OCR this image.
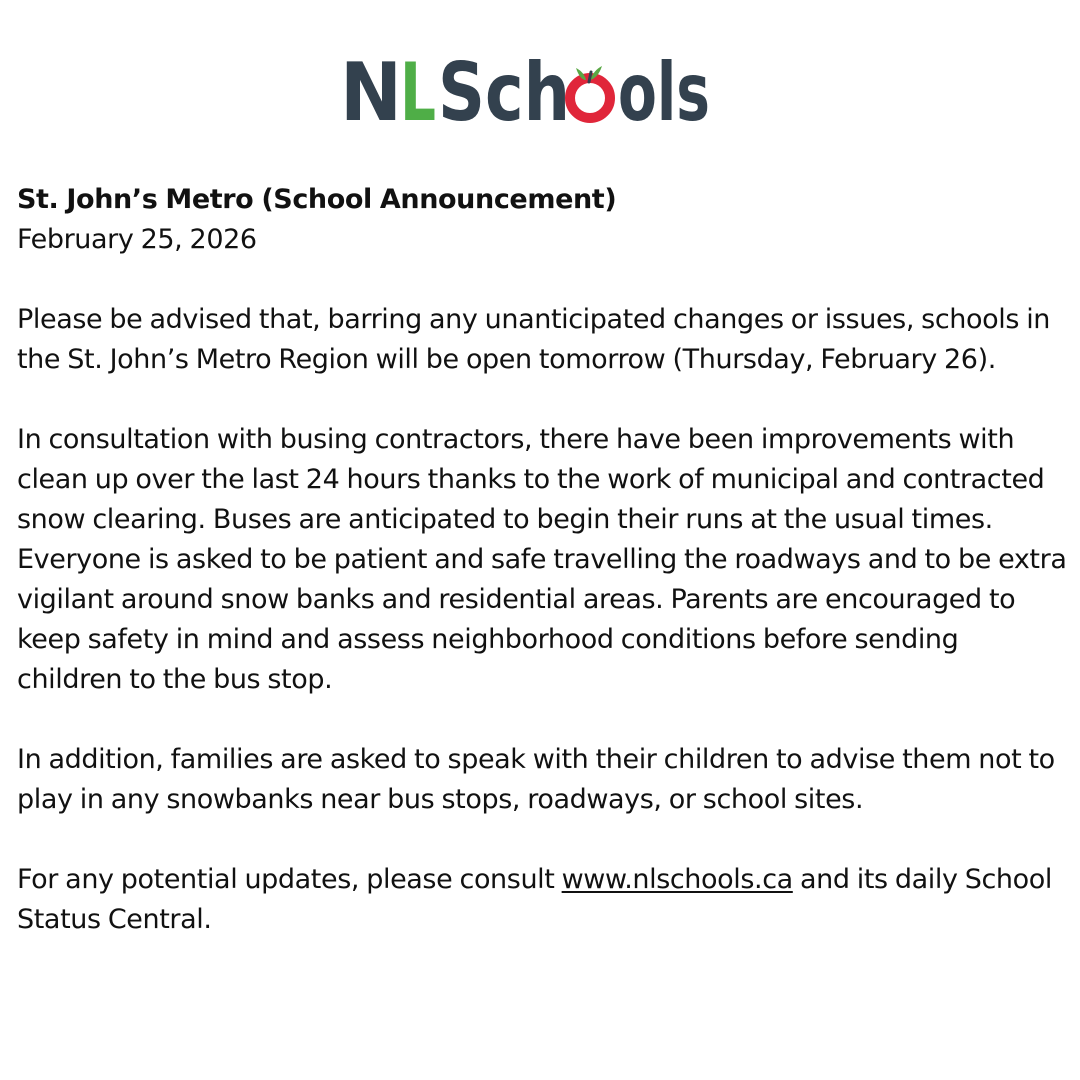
N
L Sch ols

St. John’s Metro (School Announcement)

February 25, 2026

Please be advised that, barring any unanticipated changes or issues, schools in the St. John’s Metro Region will be open tomorrow (Thursday, February 26).

In consultation with busing contractors, there have been improvements with clean up over the last 24 hours thanks to the work of municipal and contracted snow clearing. Buses are anticipated to begin their runs at the usual times. Everyone is asked to be patient and safe travelling the roadways and to be extra vigilant around snow banks and residential areas. Parents are encouraged to keep safety in mind and assess neighborhood conditions before sending children to the bus stop.

In addition, families are asked to speak with their children to advise them not to play in any snowbanks near bus stops, roadways, or school sites.

For any potential updates, please consult www.nlschools.ca and its daily School Status Central.
